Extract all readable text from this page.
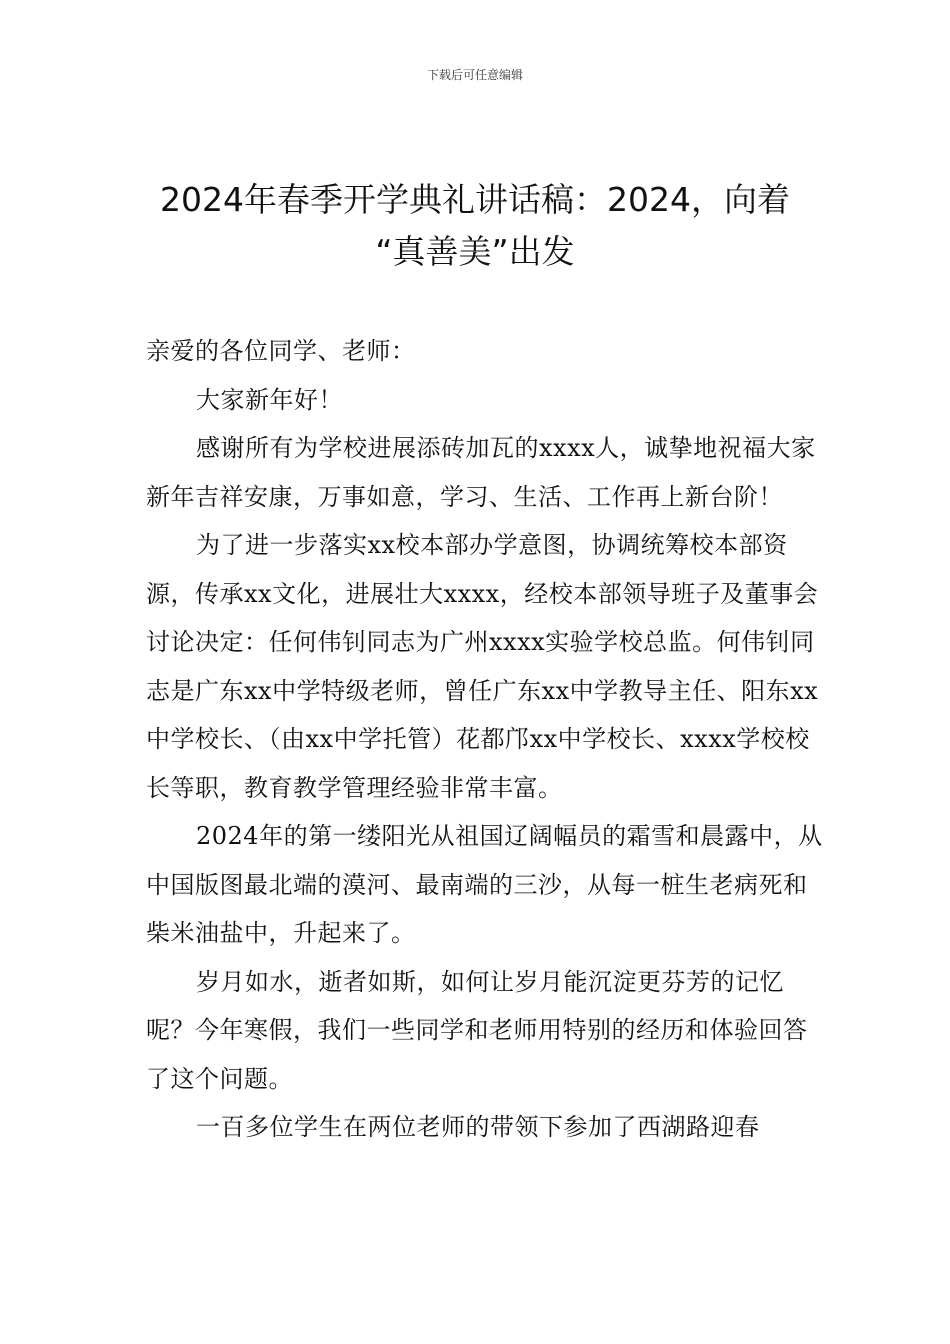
下载后可任意编辑
2024年春季开学典礼讲话稿：2024，向着
“真善美”出发

亲爱的各位同学、老师：

大家新年好！

感谢所有为学校进展添砖加瓦的xxxx人，诚挚地祝福大家新年吉祥安康，万事如意，学习、生活、工作再上新台阶！

为了进一步落实xx校本部办学意图，协调统筹校本部资源，传承xx文化，进展壮大xxxx，经校本部领导班子及董事会讨论决定：任何伟钊同志为广州xxxx实验学校总监。何伟钊同志是广东xx中学特级老师，曾任广东xx中学教导主任、阳东xx中学校长、（由xx中学托管）花都邝xx中学校长、xxxx学校校长等职，教育教学管理经验非常丰富。

2024年的第一缕阳光从祖国辽阔幅员的霜雪和晨露中，从中国版图最北端的漠河、最南端的三沙，从每一桩生老病死和柴米油盐中，升起来了。

岁月如水，逝者如斯，如何让岁月能沉淀更芬芳的记忆呢？今年寒假，我们一些同学和老师用特别的经历和体验回答了这个问题。

一百多位学生在两位老师的带领下参加了西湖路迎春
